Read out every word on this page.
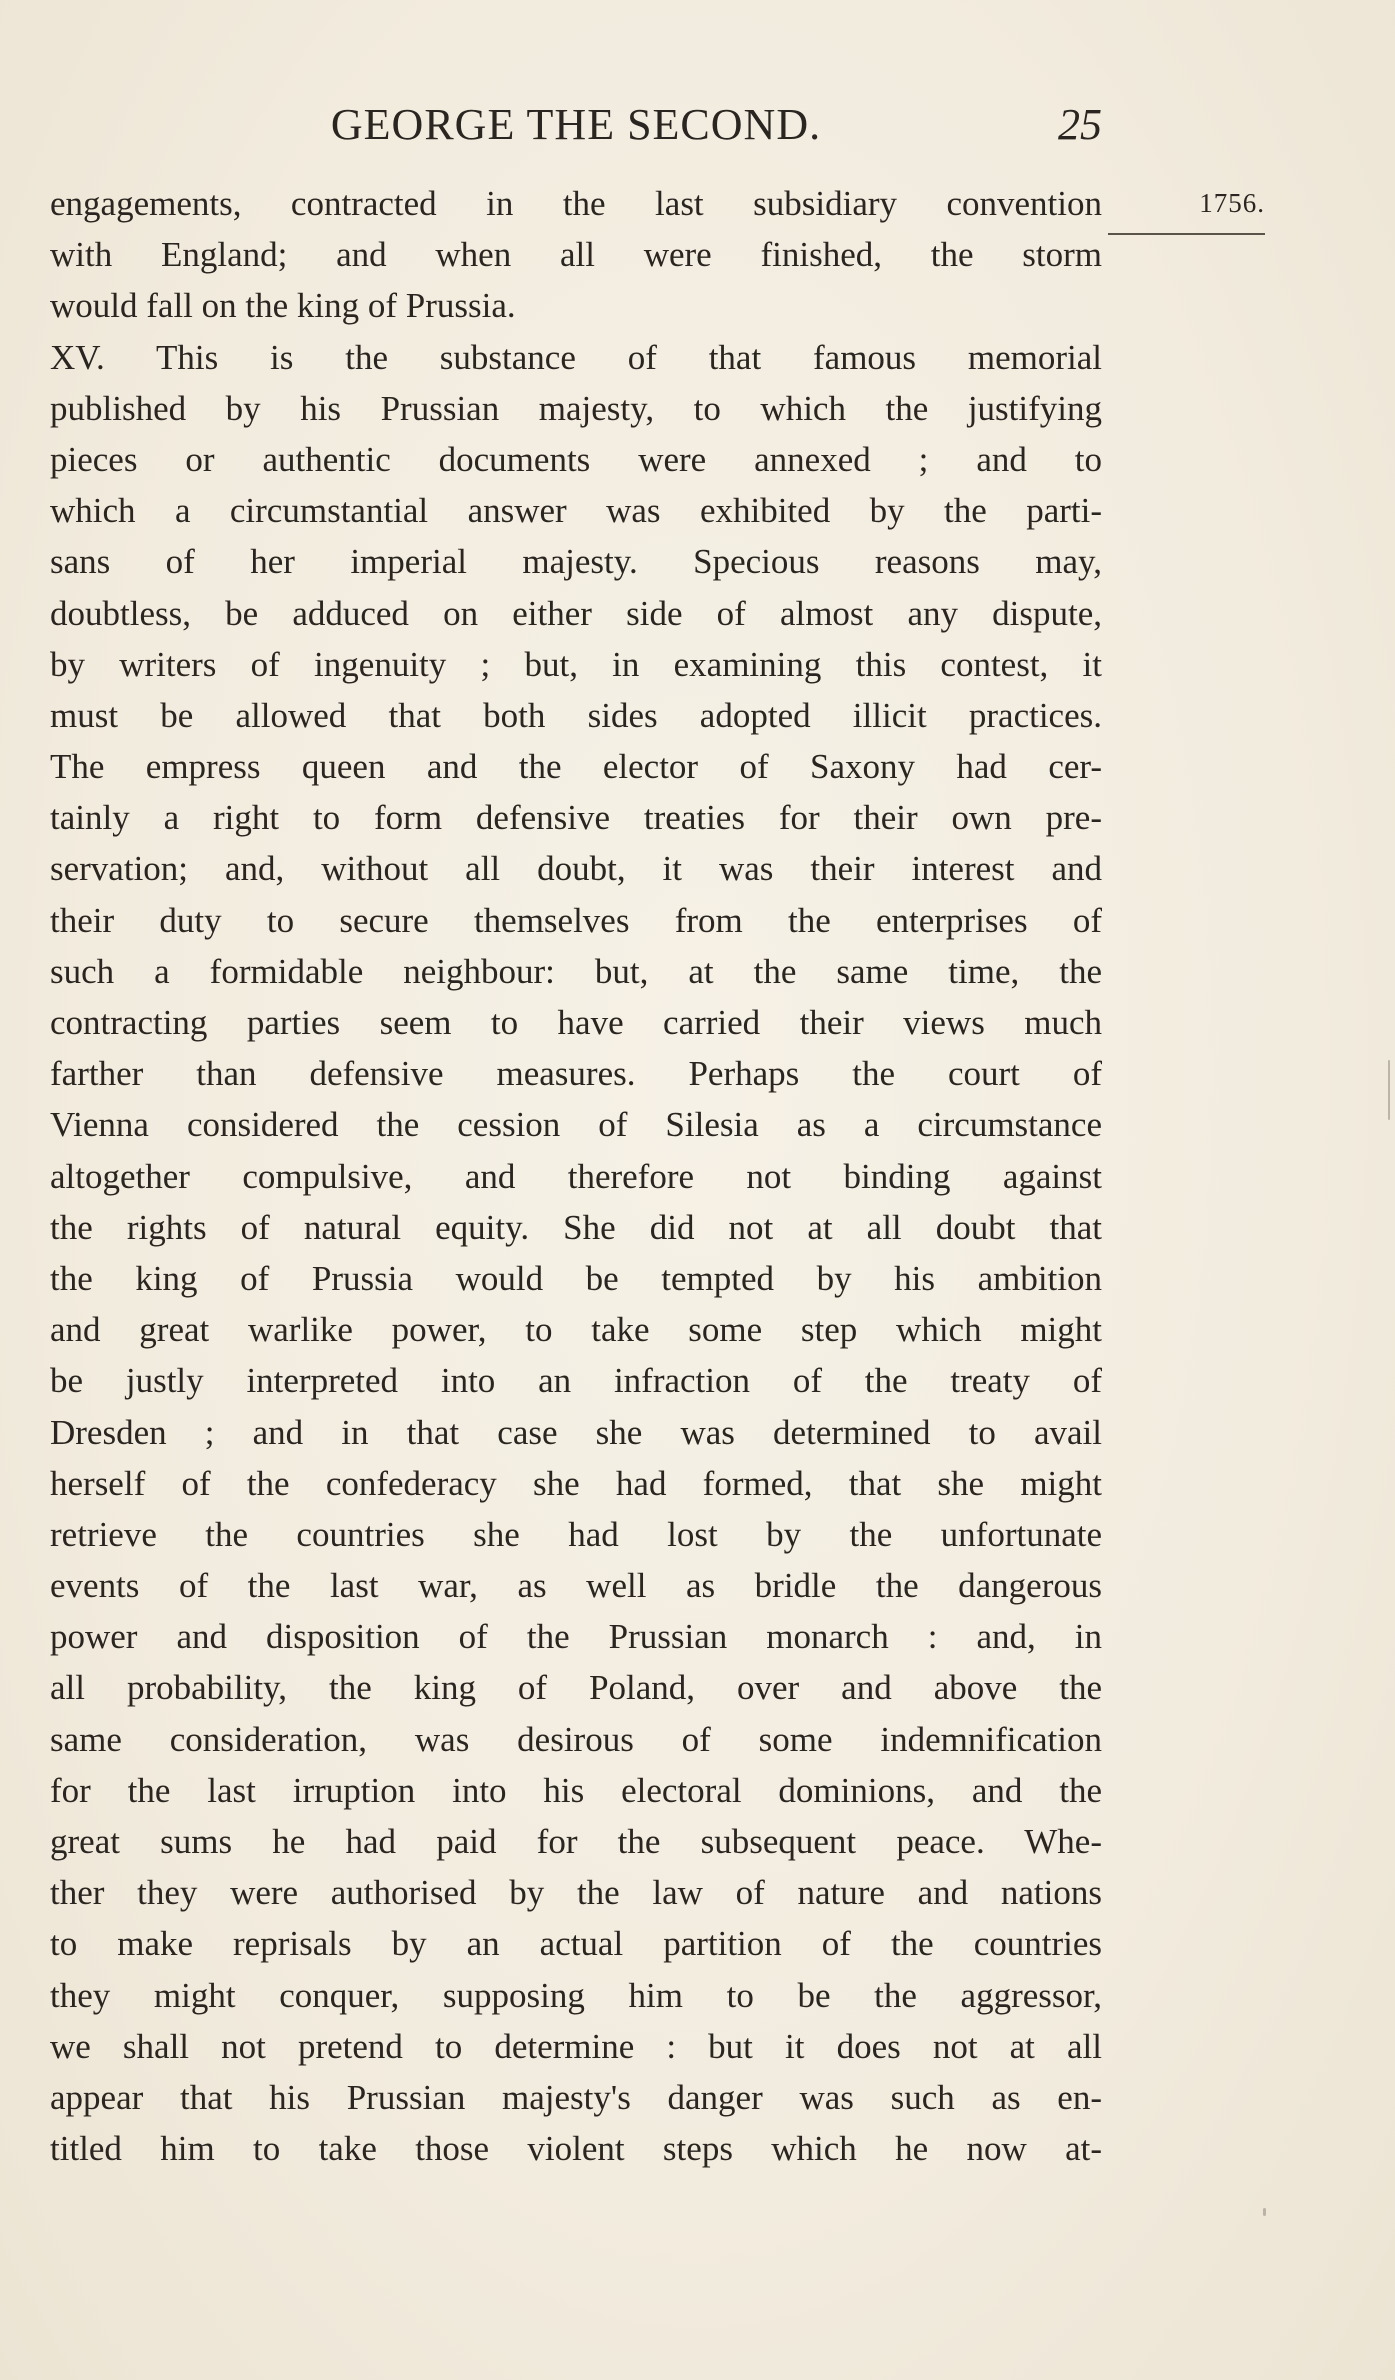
GEORGE THE SECOND.	25
1756.
engagements, contracted in the last subsidiary convention
with England; and when all were finished, the storm
would fall on the king of Prussia.
XV. This is the substance of that famous memorial
published by his Prussian majesty, to which the justifying
pieces or authentic documents were annexed ; and to
which a circumstantial answer was exhibited by the parti-
sans of her imperial majesty. Specious reasons may,
doubtless, be adduced on either side of almost any dispute,
by writers of ingenuity ; but, in examining this contest, it
must be allowed that both sides adopted illicit practices.
The empress queen and the elector of Saxony had cer-
tainly a right to form defensive treaties for their own pre-
servation; and, without all doubt, it was their interest and
their duty to secure themselves from the enterprises of
such a formidable neighbour: but, at the same time, the
contracting parties seem to have carried their views much
farther than defensive measures. Perhaps the court of
Vienna considered the cession of Silesia as a circumstance
altogether compulsive, and therefore not binding against
the rights of natural equity. She did not at all doubt that
the king of Prussia would be tempted by his ambition
and great warlike power, to take some step which might
be justly interpreted into an infraction of the treaty of
Dresden ; and in that case she was determined to avail
herself of the confederacy she had formed, that she might
retrieve the countries she had lost by the unfortunate
events of the last war, as well as bridle the dangerous
power and disposition of the Prussian monarch : and, in
all probability, the king of Poland, over and above the
same consideration, was desirous of some indemnification
for the last irruption into his electoral dominions, and the
great sums he had paid for the subsequent peace. Whe-
ther they were authorised by the law of nature and nations
to make reprisals by an actual partition of the countries
they might conquer, supposing him to be the aggressor,
we shall not pretend to determine : but it does not at all
appear that his Prussian majesty's danger was such as en-
titled him to take those violent steps which he now at-
